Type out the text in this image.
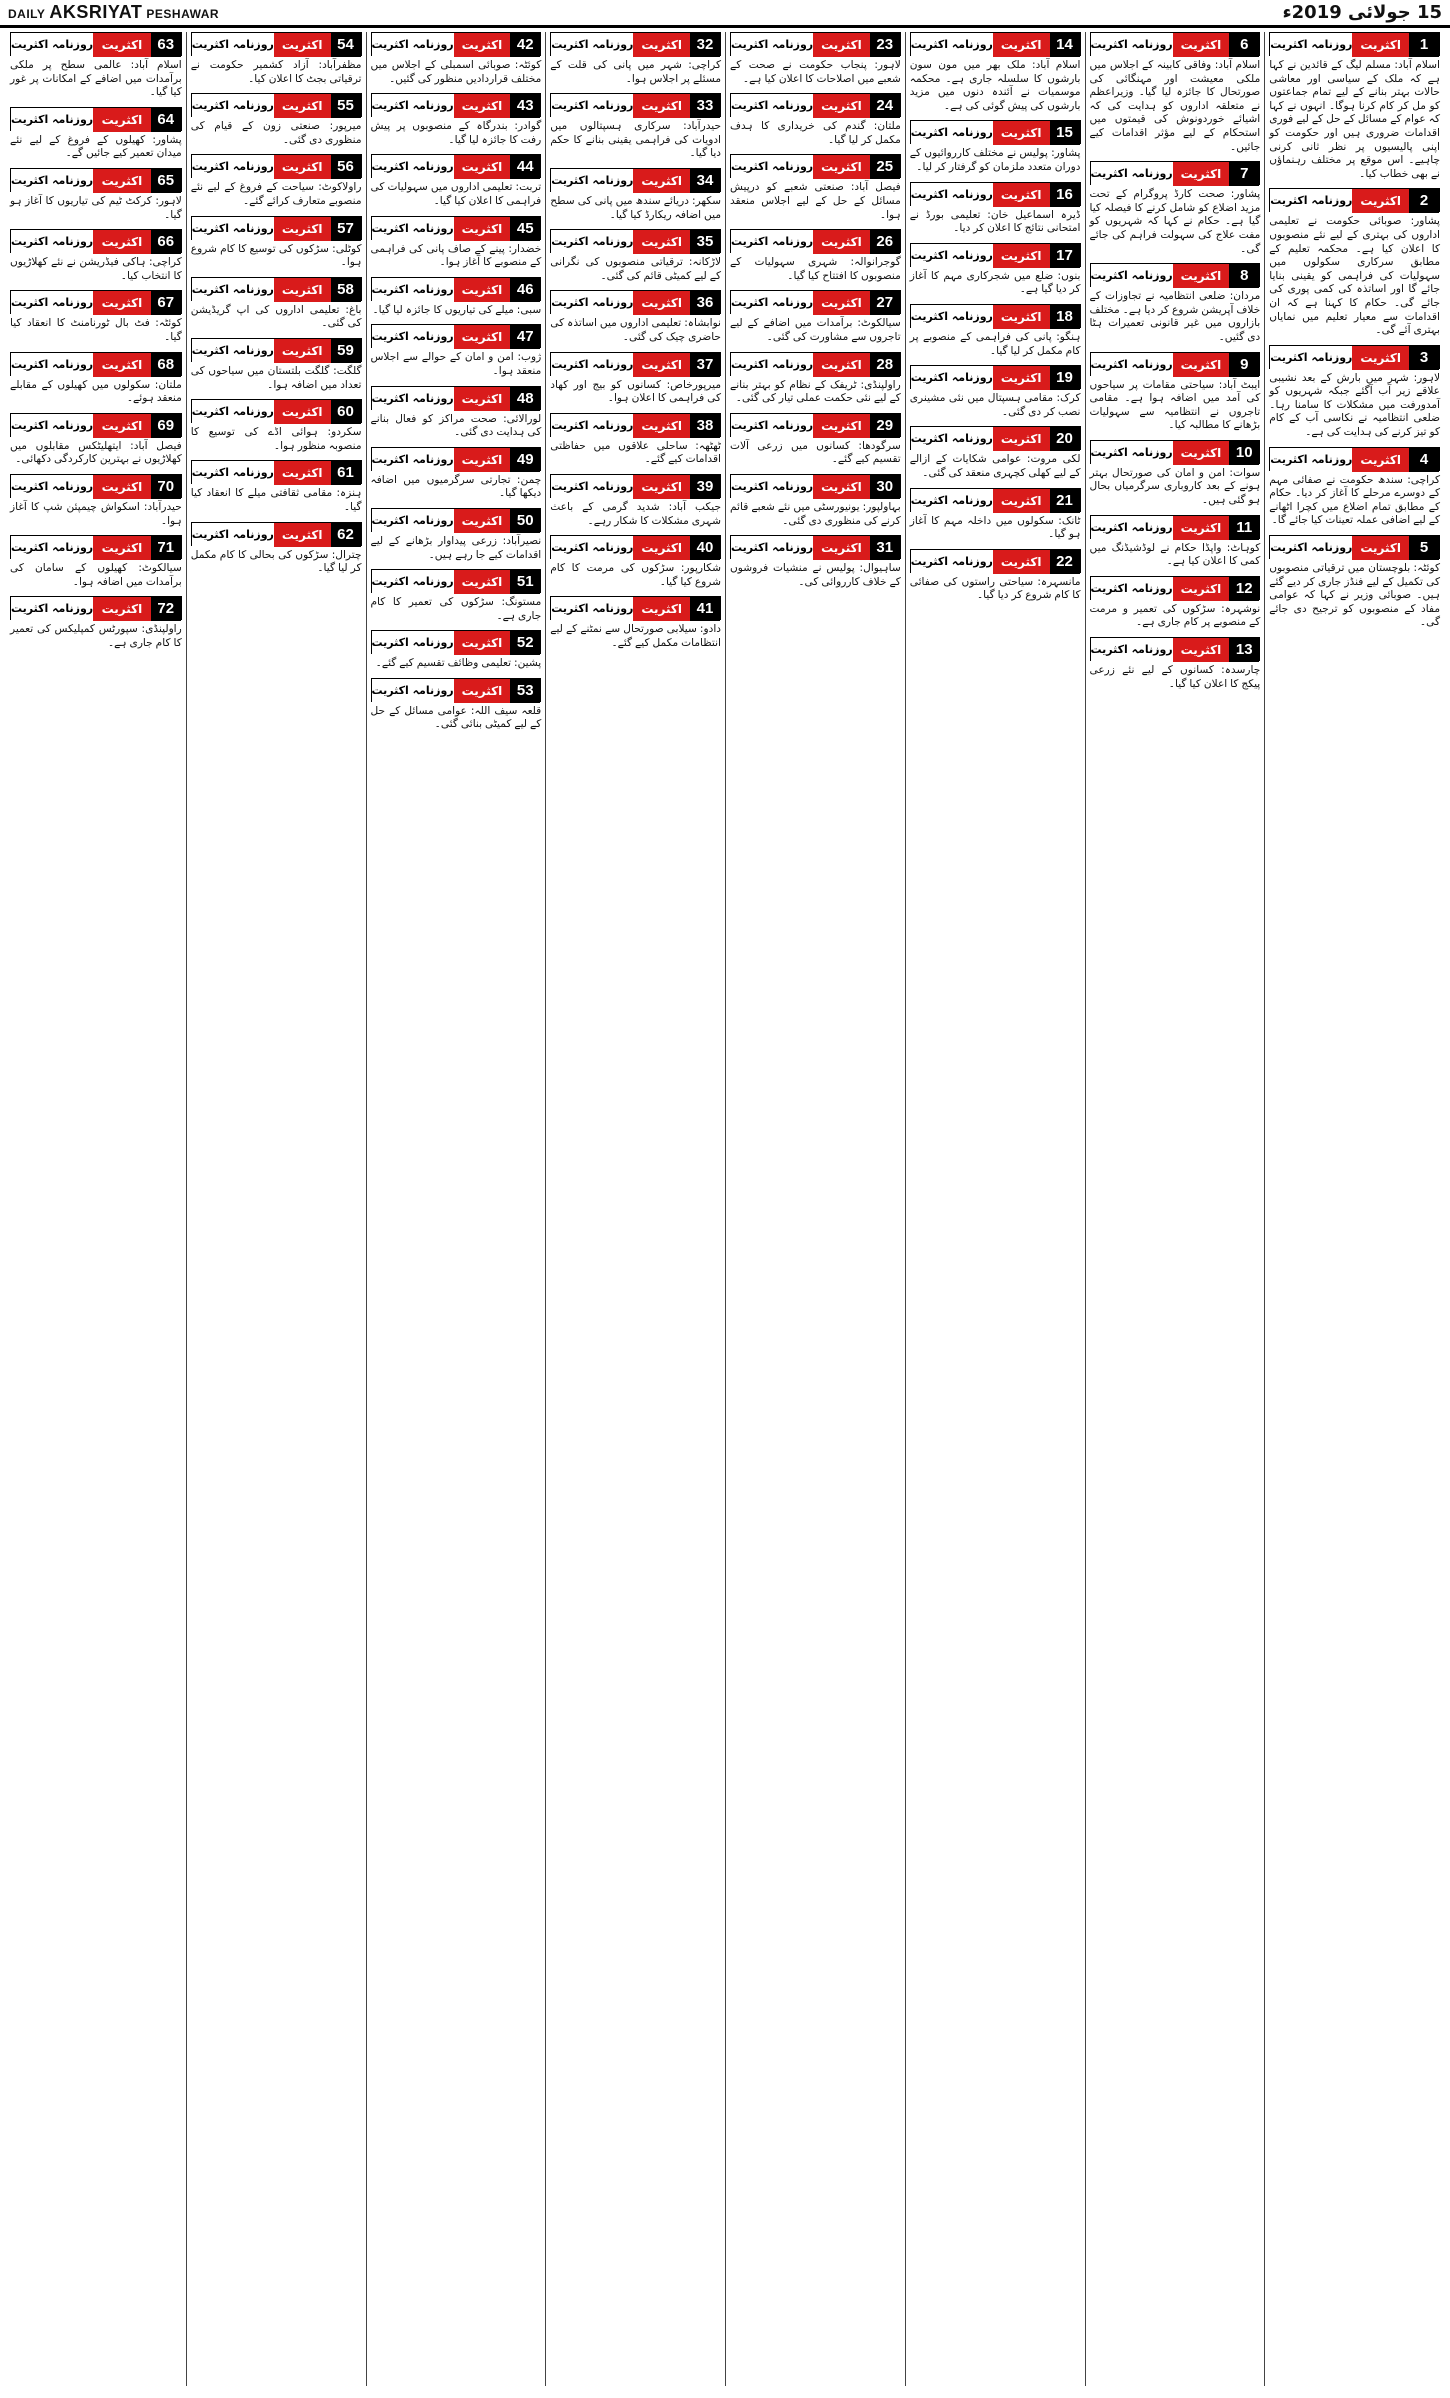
DAILY AKSRIYAT PESHAWAR	15 جولائی 2019ء
روزنامہ اکثریت اکثریت	1

اسلام آباد: مسلم لیگ کے قائدین نے کہا ہے کہ ملک کے سیاسی اور معاشی حالات بہتر بنانے کے لیے تمام جماعتوں کو مل کر کام کرنا ہوگا۔ انہوں نے کہا کہ عوام کے مسائل کے حل کے لیے فوری اقدامات ضروری ہیں اور حکومت کو اپنی پالیسیوں پر نظر ثانی کرنی چاہیے۔ اس موقع پر مختلف رہنماؤں نے بھی خطاب کیا۔

روزنامہ اکثریت اکثریت	2

پشاور: صوبائی حکومت نے تعلیمی اداروں کی بہتری کے لیے نئے منصوبوں کا اعلان کیا ہے۔ محکمہ تعلیم کے مطابق سرکاری سکولوں میں سہولیات کی فراہمی کو یقینی بنایا جائے گا اور اساتذہ کی کمی پوری کی جائے گی۔ حکام کا کہنا ہے کہ ان اقدامات سے معیار تعلیم میں نمایاں بہتری آئے گی۔

روزنامہ اکثریت اکثریت	3

لاہور: شہر میں بارش کے بعد نشیبی علاقے زیر آب آگئے جبکہ شہریوں کو آمدورفت میں مشکلات کا سامنا رہا۔ ضلعی انتظامیہ نے نکاسی آب کے کام کو تیز کرنے کی ہدایت کی ہے۔

روزنامہ اکثریت اکثریت	4

کراچی: سندھ حکومت نے صفائی مہم کے دوسرے مرحلے کا آغاز کر دیا۔ حکام کے مطابق تمام اضلاع میں کچرا اٹھانے کے لیے اضافی عملہ تعینات کیا جائے گا۔

روزنامہ اکثریت اکثریت	5

کوئٹہ: بلوچستان میں ترقیاتی منصوبوں کی تکمیل کے لیے فنڈز جاری کر دیے گئے ہیں۔ صوبائی وزیر نے کہا کہ عوامی مفاد کے منصوبوں کو ترجیح دی جائے گی۔

روزنامہ اکثریت اکثریت	6

اسلام آباد: وفاقی کابینہ کے اجلاس میں ملکی معیشت اور مہنگائی کی صورتحال کا جائزہ لیا گیا۔ وزیراعظم نے متعلقہ اداروں کو ہدایت کی کہ اشیائے خوردونوش کی قیمتوں میں استحکام کے لیے مؤثر اقدامات کیے جائیں۔

روزنامہ اکثریت اکثریت	7

پشاور: صحت کارڈ پروگرام کے تحت مزید اضلاع کو شامل کرنے کا فیصلہ کیا گیا ہے۔ حکام نے کہا کہ شہریوں کو مفت علاج کی سہولت فراہم کی جائے گی۔

روزنامہ اکثریت اکثریت	8

مردان: ضلعی انتظامیہ نے تجاوزات کے خلاف آپریشن شروع کر دیا ہے۔ مختلف بازاروں میں غیر قانونی تعمیرات ہٹا دی گئیں۔

روزنامہ اکثریت اکثریت	9

ایبٹ آباد: سیاحتی مقامات پر سیاحوں کی آمد میں اضافہ ہوا ہے۔ مقامی تاجروں نے انتظامیہ سے سہولیات بڑھانے کا مطالبہ کیا۔

روزنامہ اکثریت اکثریت 10

سوات: امن و امان کی صورتحال بہتر ہونے کے بعد کاروباری سرگرمیاں بحال ہو گئی ہیں۔

روزنامہ اکثریت اکثریت	11

کوہاٹ: واپڈا حکام نے لوڈشیڈنگ میں کمی کا اعلان کیا ہے۔

روزنامہ اکثریت اکثریت 12

نوشہرہ: سڑکوں کی تعمیر و مرمت کے منصوبے پر کام جاری ہے۔

روزنامہ اکثریت اکثریت 13

چارسدہ: کسانوں کے لیے نئے زرعی پیکج کا اعلان کیا گیا۔

روزنامہ اکثریت اکثریت 14

اسلام آباد: ملک بھر میں مون سون بارشوں کا سلسلہ جاری ہے۔ محکمہ موسمیات نے آئندہ دنوں میں مزید بارشوں کی پیش گوئی کی ہے۔

روزنامہ اکثریت اکثریت 15

پشاور: پولیس نے مختلف کارروائیوں کے دوران متعدد ملزمان کو گرفتار کر لیا۔

روزنامہ اکثریت اکثریت 16

ڈیرہ اسماعیل خان: تعلیمی بورڈ نے امتحانی نتائج کا اعلان کر دیا۔

روزنامہ اکثریت اکثریت 17

بنوں: ضلع میں شجرکاری مہم کا آغاز کر دیا گیا ہے۔

روزنامہ اکثریت اکثریت 18

ہنگو: پانی کی فراہمی کے منصوبے پر کام مکمل کر لیا گیا۔

روزنامہ اکثریت اکثریت 19

کرک: مقامی ہسپتال میں نئی مشینری نصب کر دی گئی۔

روزنامہ اکثریت اکثریت 20

لکی مروت: عوامی شکایات کے ازالے کے لیے کھلی کچہری منعقد کی گئی۔

روزنامہ اکثریت اکثریت 21

ٹانک: سکولوں میں داخلہ مہم کا آغاز ہو گیا۔

روزنامہ اکثریت اکثریت 22

مانسہرہ: سیاحتی راستوں کی صفائی کا کام شروع کر دیا گیا۔

روزنامہ اکثریت اکثریت 23

لاہور: پنجاب حکومت نے صحت کے شعبے میں اصلاحات کا اعلان کیا ہے۔

روزنامہ اکثریت اکثریت 24

ملتان: گندم کی خریداری کا ہدف مکمل کر لیا گیا۔

روزنامہ اکثریت اکثریت 25

فیصل آباد: صنعتی شعبے کو درپیش مسائل کے حل کے لیے اجلاس منعقد ہوا۔

روزنامہ اکثریت اکثریت 26

گوجرانوالہ: شہری سہولیات کے منصوبوں کا افتتاح کیا گیا۔

روزنامہ اکثریت اکثریت 27

سیالکوٹ: برآمدات میں اضافے کے لیے تاجروں سے مشاورت کی گئی۔

روزنامہ اکثریت اکثریت 28

راولپنڈی: ٹریفک کے نظام کو بہتر بنانے کے لیے نئی حکمت عملی تیار کی گئی۔

روزنامہ اکثریت اکثریت 29

سرگودھا: کسانوں میں زرعی آلات تقسیم کیے گئے۔

روزنامہ اکثریت اکثریت 30

بہاولپور: یونیورسٹی میں نئے شعبے قائم کرنے کی منظوری دی گئی۔

روزنامہ اکثریت اکثریت 31

ساہیوال: پولیس نے منشیات فروشوں کے خلاف کارروائی کی۔

روزنامہ اکثریت اکثریت 32

کراچی: شہر میں پانی کی قلت کے مسئلے پر اجلاس ہوا۔

روزنامہ اکثریت اکثریت 33

حیدرآباد: سرکاری ہسپتالوں میں ادویات کی فراہمی یقینی بنانے کا حکم دیا گیا۔

روزنامہ اکثریت اکثریت 34

سکھر: دریائے سندھ میں پانی کی سطح میں اضافہ ریکارڈ کیا گیا۔

روزنامہ اکثریت اکثریت 35

لاڑکانہ: ترقیاتی منصوبوں کی نگرانی کے لیے کمیٹی قائم کی گئی۔

روزنامہ اکثریت اکثریت 36

نوابشاہ: تعلیمی اداروں میں اساتذہ کی حاضری چیک کی گئی۔

روزنامہ اکثریت اکثریت 37

میرپورخاص: کسانوں کو بیج اور کھاد کی فراہمی کا اعلان ہوا۔

روزنامہ اکثریت اکثریت 38

ٹھٹھہ: ساحلی علاقوں میں حفاظتی اقدامات کیے گئے۔

روزنامہ اکثریت اکثریت 39

جیکب آباد: شدید گرمی کے باعث شہری مشکلات کا شکار رہے۔

روزنامہ اکثریت اکثریت 40

شکارپور: سڑکوں کی مرمت کا کام شروع کیا گیا۔

روزنامہ اکثریت اکثریت 41

دادو: سیلابی صورتحال سے نمٹنے کے لیے انتظامات مکمل کیے گئے۔

روزنامہ اکثریت اکثریت 42

کوئٹہ: صوبائی اسمبلی کے اجلاس میں مختلف قراردادیں منظور کی گئیں۔

روزنامہ اکثریت اکثریت 43

گوادر: بندرگاہ کے منصوبوں پر پیش رفت کا جائزہ لیا گیا۔

روزنامہ اکثریت اکثریت 44

تربت: تعلیمی اداروں میں سہولیات کی فراہمی کا اعلان کیا گیا۔

روزنامہ اکثریت اکثریت 45

خضدار: پینے کے صاف پانی کی فراہمی کے منصوبے کا آغاز ہوا۔

روزنامہ اکثریت اکثریت 46

سبی: میلے کی تیاریوں کا جائزہ لیا گیا۔

روزنامہ اکثریت اکثریت 47

ژوب: امن و امان کے حوالے سے اجلاس منعقد ہوا۔

روزنامہ اکثریت اکثریت 48

لورالائی: صحت مراکز کو فعال بنانے کی ہدایت دی گئی۔

روزنامہ اکثریت اکثریت 49

چمن: تجارتی سرگرمیوں میں اضافہ دیکھا گیا۔

روزنامہ اکثریت اکثریت 50

نصیرآباد: زرعی پیداوار بڑھانے کے لیے اقدامات کیے جا رہے ہیں۔

روزنامہ اکثریت اکثریت 51

مستونگ: سڑکوں کی تعمیر کا کام جاری ہے۔

روزنامہ اکثریت اکثریت 52

پشین: تعلیمی وظائف تقسیم کیے گئے۔

روزنامہ اکثریت اکثریت 53

قلعہ سیف اللہ: عوامی مسائل کے حل کے لیے کمیٹی بنائی گئی۔

روزنامہ اکثریت اکثریت 54

مظفرآباد: آزاد کشمیر حکومت نے ترقیاتی بجٹ کا اعلان کیا۔

روزنامہ اکثریت اکثریت 55

میرپور: صنعتی زون کے قیام کی منظوری دی گئی۔

روزنامہ اکثریت اکثریت 56

راولاکوٹ: سیاحت کے فروغ کے لیے نئے منصوبے متعارف کرائے گئے۔

روزنامہ اکثریت اکثریت 57

کوٹلی: سڑکوں کی توسیع کا کام شروع ہوا۔

روزنامہ اکثریت اکثریت 58

باغ: تعلیمی اداروں کی اپ گریڈیشن کی گئی۔

روزنامہ اکثریت اکثریت 59

گلگت: گلگت بلتستان میں سیاحوں کی تعداد میں اضافہ ہوا۔

روزنامہ اکثریت اکثریت 60

سکردو: ہوائی اڈے کی توسیع کا منصوبہ منظور ہوا۔

روزنامہ اکثریت اکثریت 61

ہنزہ: مقامی ثقافتی میلے کا انعقاد کیا گیا۔

روزنامہ اکثریت اکثریت 62

چترال: سڑکوں کی بحالی کا کام مکمل کر لیا گیا۔

روزنامہ اکثریت اکثریت	63

اسلام آباد: عالمی سطح پر ملکی برآمدات میں اضافے کے امکانات پر غور کیا گیا۔

روزنامہ اکثریت اکثریت	64

پشاور: کھیلوں کے فروغ کے لیے نئے میدان تعمیر کیے جائیں گے۔

روزنامہ اکثریت اکثریت	65

لاہور: کرکٹ ٹیم کی تیاریوں کا آغاز ہو گیا۔

روزنامہ اکثریت اکثریت	66

کراچی: ہاکی فیڈریشن نے نئے کھلاڑیوں کا انتخاب کیا۔

روزنامہ اکثریت اکثریت	67

کوئٹہ: فٹ بال ٹورنامنٹ کا انعقاد کیا گیا۔

روزنامہ اکثریت اکثریت	68

ملتان: سکولوں میں کھیلوں کے مقابلے منعقد ہوئے۔

روزنامہ اکثریت اکثریت	69

فیصل آباد: ایتھلیٹکس مقابلوں میں کھلاڑیوں نے بہترین کارکردگی دکھائی۔

روزنامہ اکثریت اکثریت	70

حیدرآباد: اسکواش چیمپئن شپ کا آغاز ہوا۔

روزنامہ اکثریت اکثریت	71

سیالکوٹ: کھیلوں کے سامان کی برآمدات میں اضافہ ہوا۔

روزنامہ اکثریت اکثریت	72

راولپنڈی: سپورٹس کمپلیکس کی تعمیر کا کام جاری ہے۔
